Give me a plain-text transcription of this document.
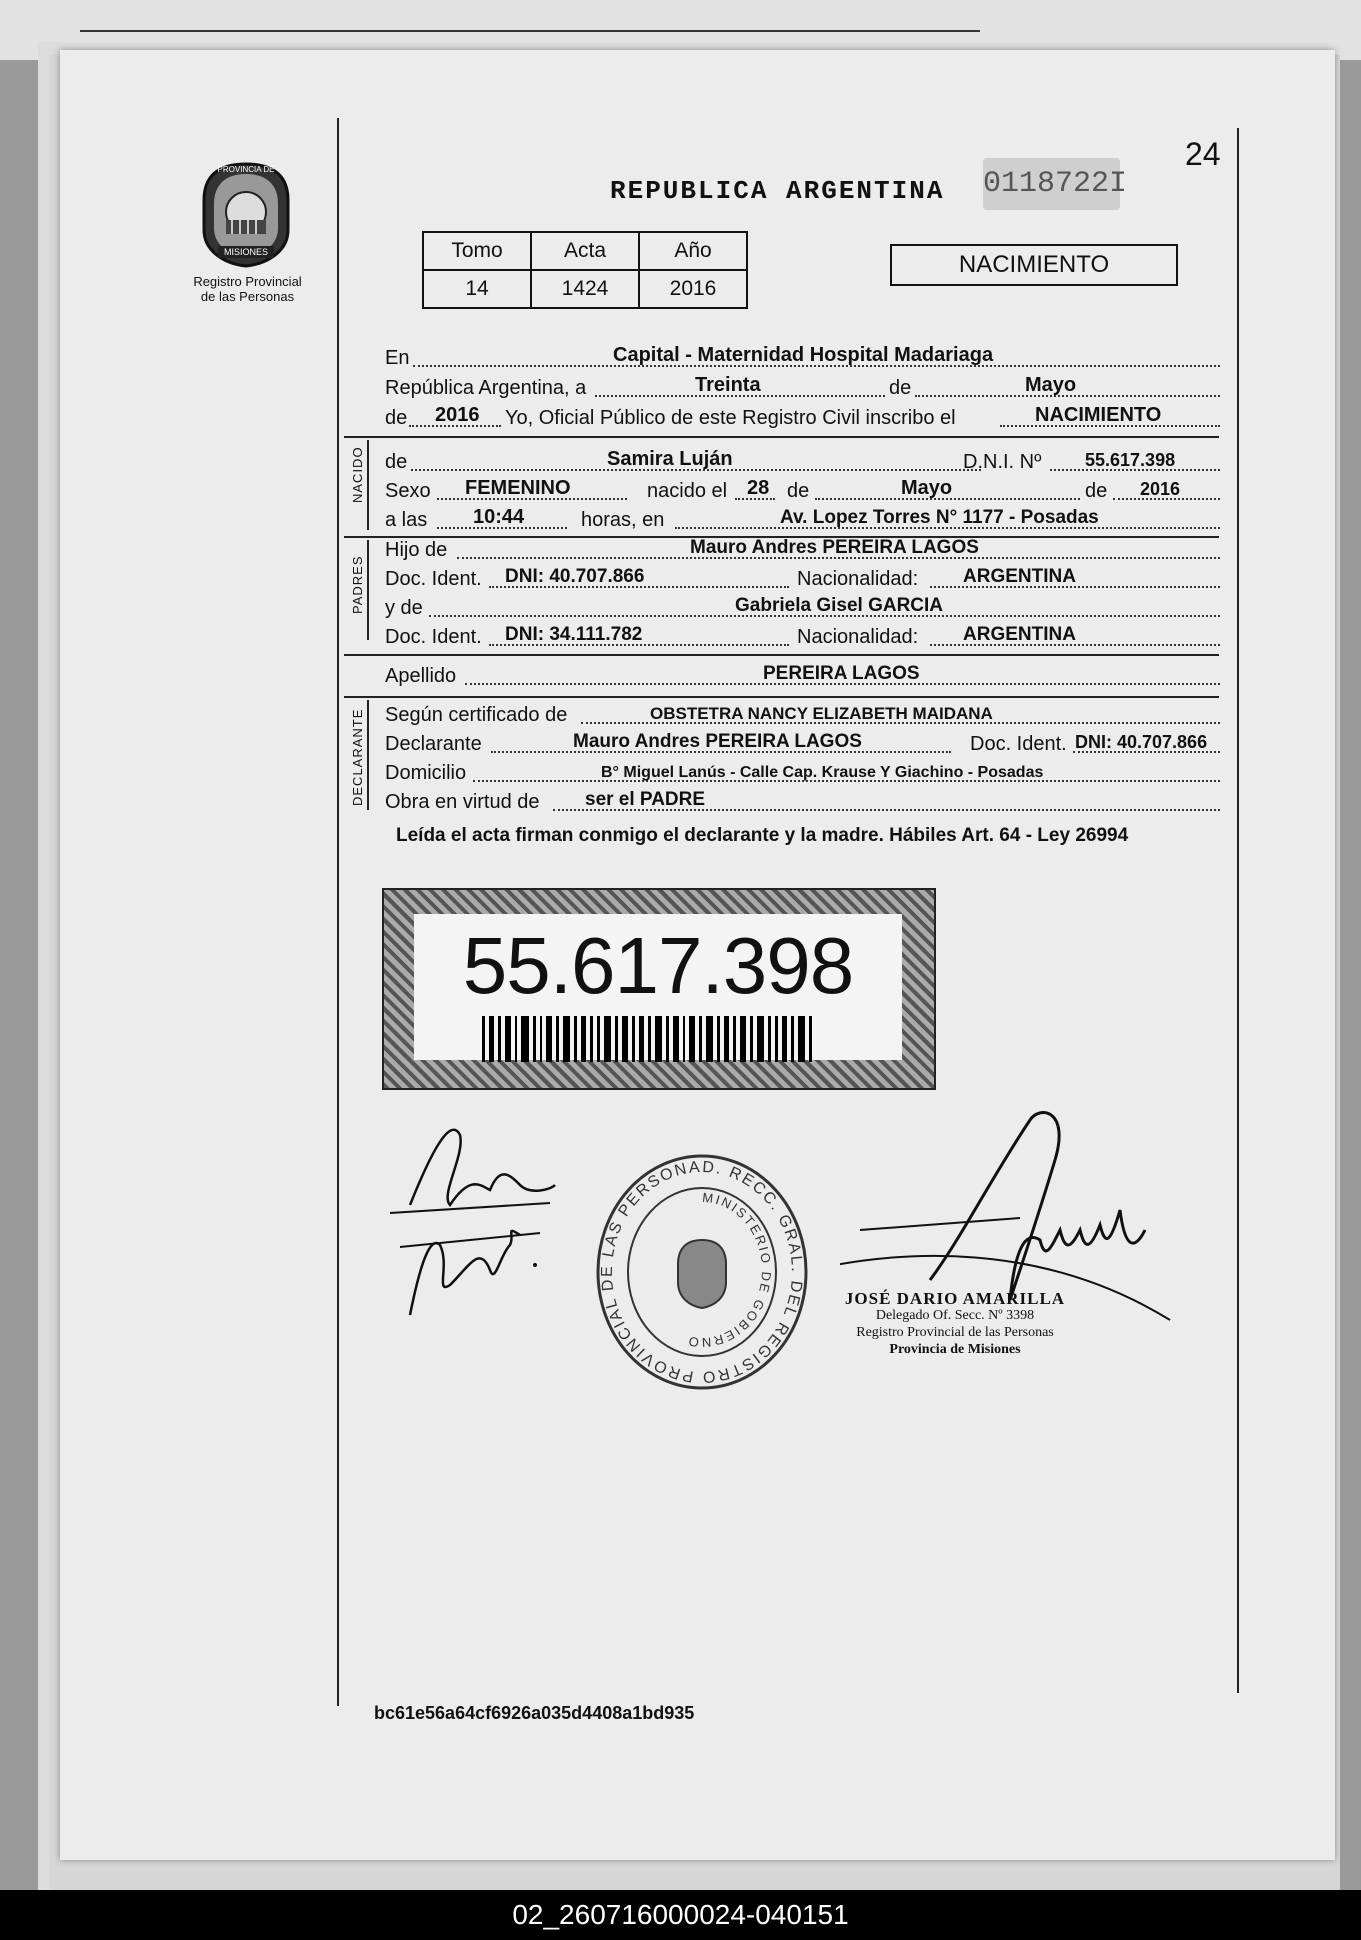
PROVINCIA DE
MISIONES
Registro Provincial
de las Personas
24
REPUBLICA ARGENTINA 0118722I
Tomo	Acta	Año
14	1424	2016
NACIMIENTO
En	Capital - Maternidad Hospital Madariaga
República Argentina, a	Treinta	de	Mayo
de 2016 Yo, Oficial Público de este Registro Civil inscribo el	NACIMIENTO
NACIDO de	Samira Luján	D.N.I. Nº 55.617.398
Sexo FEMENINO	nacido el 28 de	Mayo	de 2016
a las 10:44	horas, en	Av. Lopez Torres N° 1177 - Posadas
PADRES
Hijo de	Mauro Andres PEREIRA LAGOS
Doc. Ident. DNI: 40.707.866	Nacionalidad: ARGENTINA
y de	Gabriela Gisel GARCIA
Doc. Ident. DNI: 34.111.782	Nacionalidad: ARGENTINA
Apellido	PEREIRA LAGOS
DECLARANTE Según certificado de	OBSTETRA NANCY ELIZABETH MAIDANA
Declarante	Mauro Andres PEREIRA LAGOS	Doc. Ident. DNI: 40.707.866
Domicilio	B° Miguel Lanús - Calle Cap. Krause Y Giachino - Posadas
Obra en virtud de ser el PADRE
Leída el acta firman conmigo el declarante y la madre. Hábiles Art. 64 - Ley 26994
55.617.398
D. RECC. GRAL. DEL REGISTRO PROVINCIAL DE LAS PERSONA
MINISTERIO DE GOBIERNO
JOSÉ DARIO AMARILLA
Delegado Of. Secc. Nº 3398
Registro Provincial de las Personas
Provincia de Misiones
bc61e56a64cf6926a035d4408a1bd935
02_260716000024-040151
